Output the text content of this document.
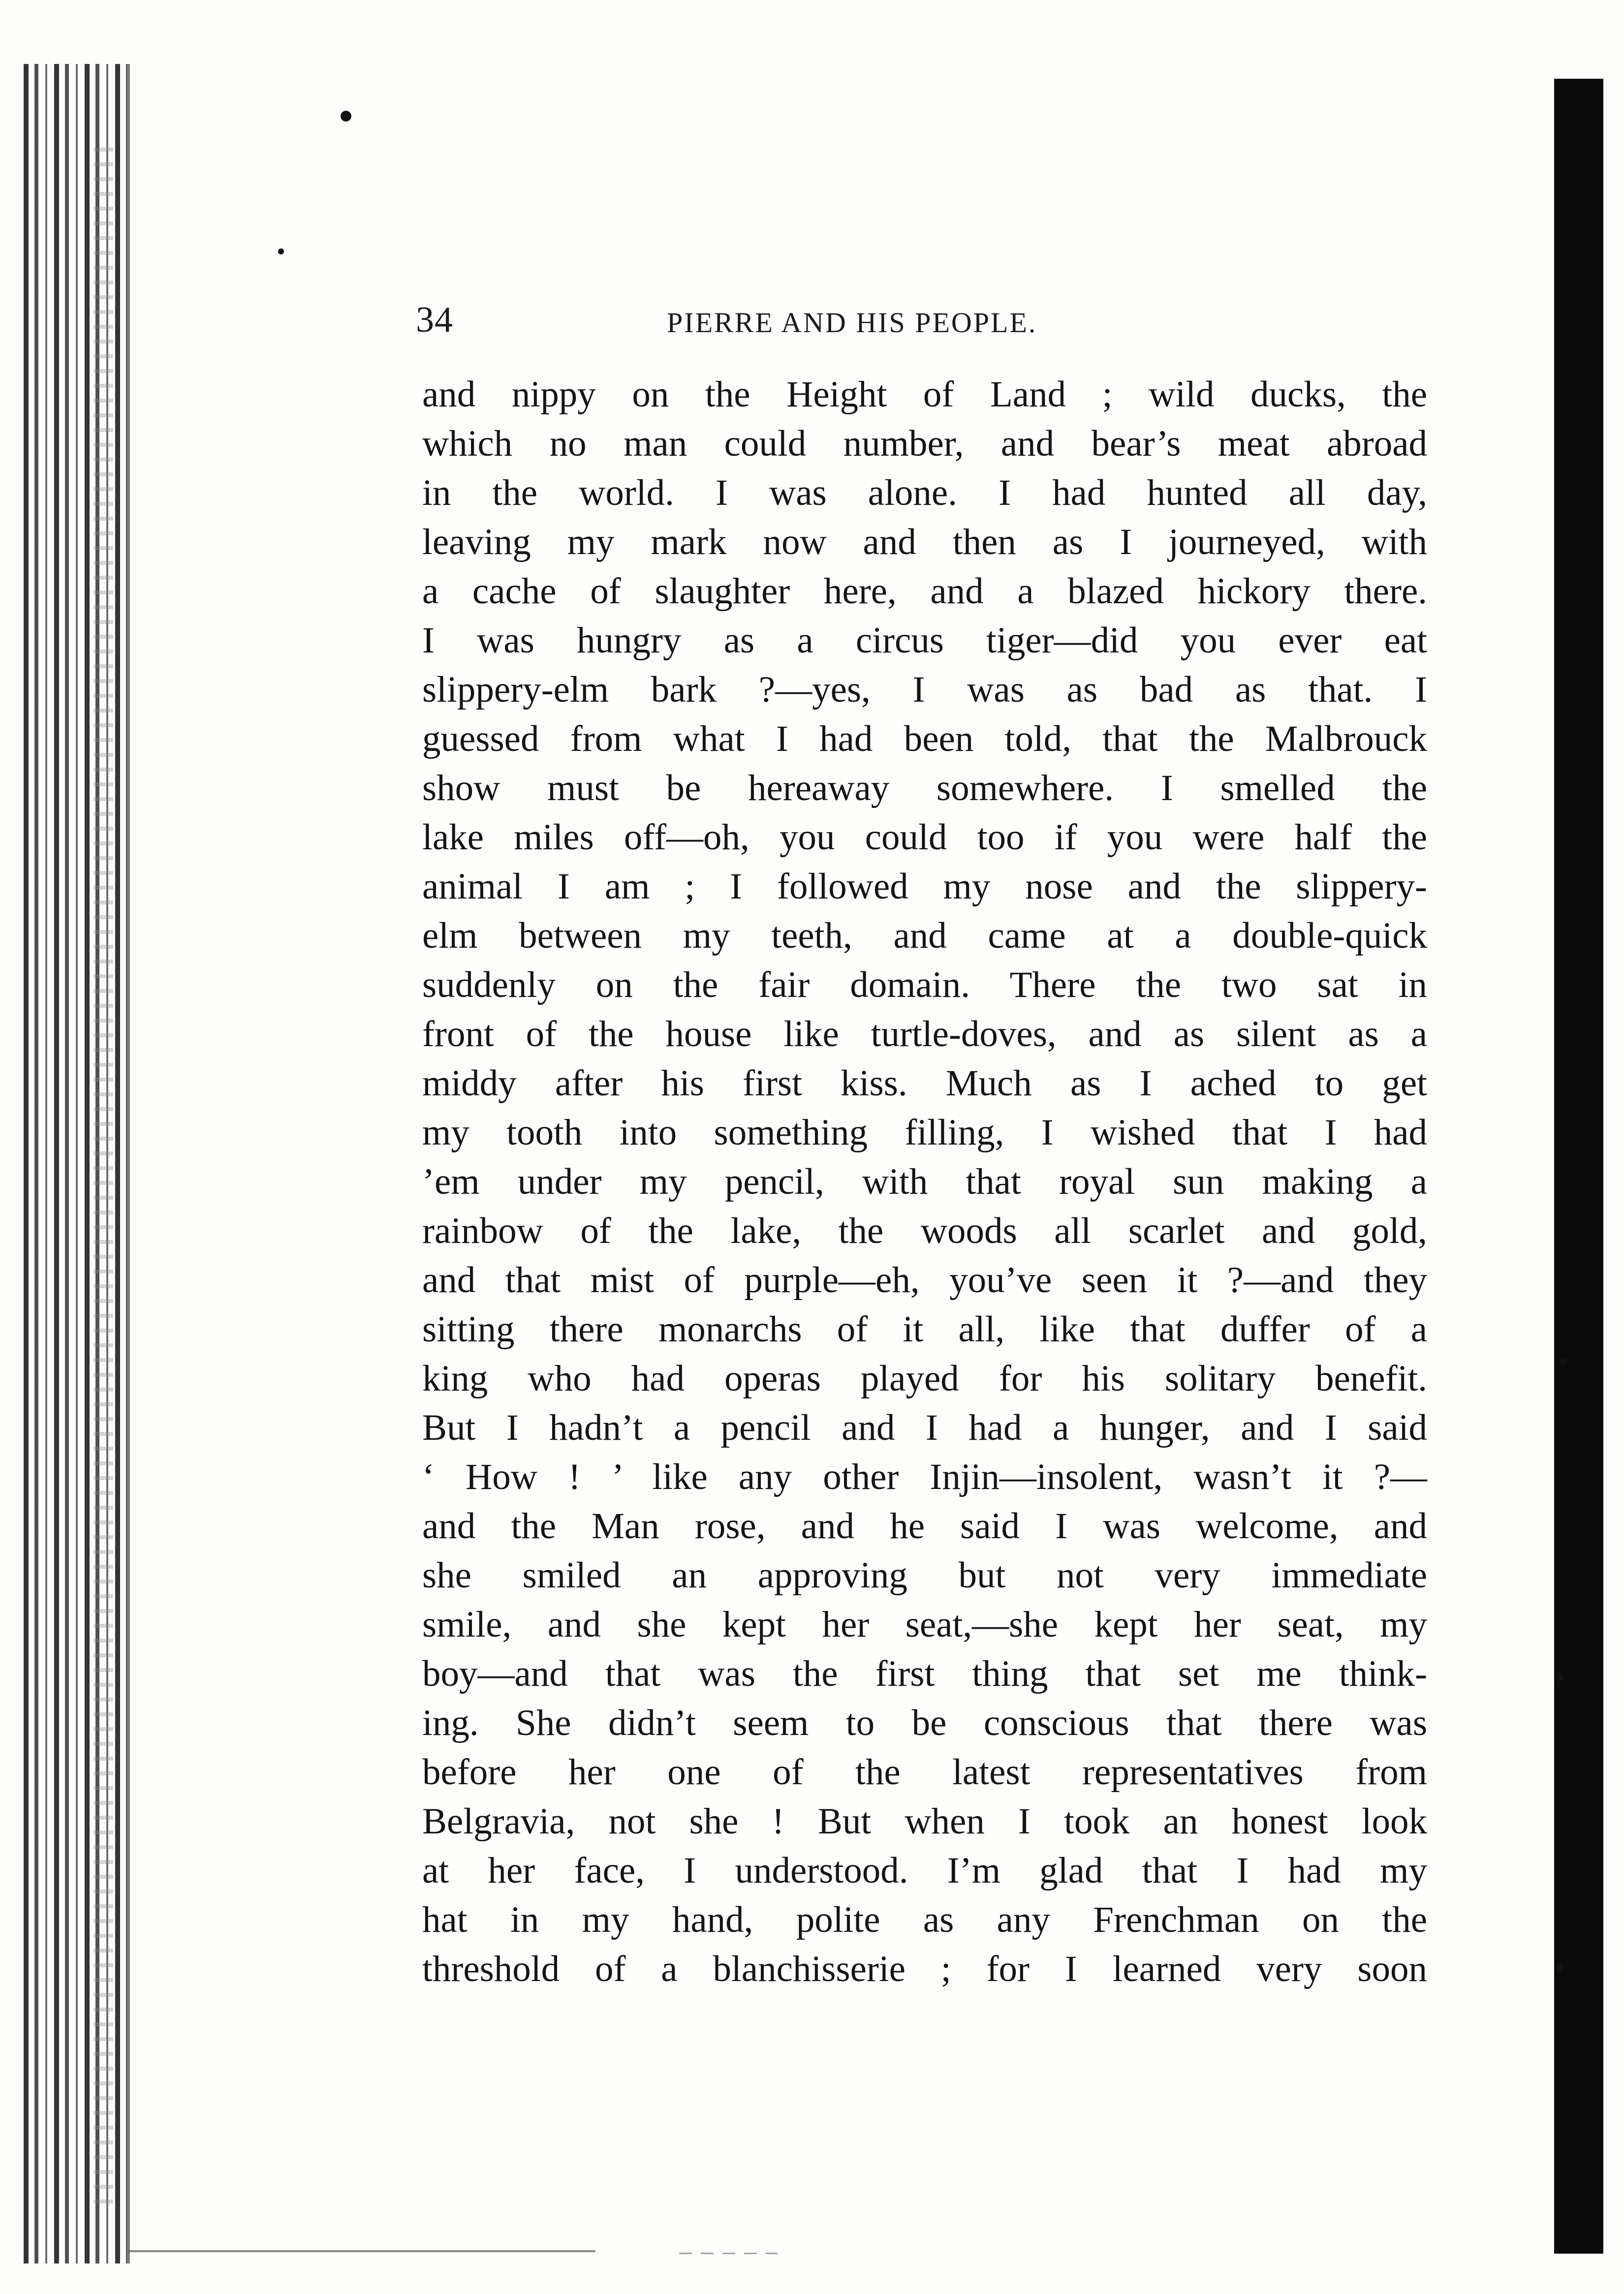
34	PIERRE AND HIS PEOPLE.
and nippy on the Height of Land ; wild ducks, the
which no man could number, and bear’s meat abroad
in the world. I was alone. I had hunted all day,
leaving my mark now and then as I journeyed, with
a cache of slaughter here, and a blazed hickory there.
I was hungry as a circus tiger—did you ever eat
slippery-elm bark ?—yes, I was as bad as that. I
guessed from what I had been told, that the Malbrouck
show must be hereaway somewhere. I smelled the
lake miles off—oh, you could too if you were half the
animal I am ; I followed my nose and the slippery-
elm between my teeth, and came at a double-quick
suddenly on the fair domain. There the two sat in
front of the house like turtle-doves, and as silent as a
middy after his first kiss. Much as I ached to get
my tooth into something filling, I wished that I had
’em under my pencil, with that royal sun making a
rainbow of the lake, the woods all scarlet and gold,
and that mist of purple—eh, you’ve seen it ?—and they
sitting there monarchs of it all, like that duffer of a
king who had operas played for his solitary benefit.
But I hadn’t a pencil and I had a hunger, and I said
‘ How ! ’ like any other Injin—insolent, wasn’t it ?—
and the Man rose, and he said I was welcome, and
she smiled an approving but not very immediate
smile, and she kept her seat,—she kept her seat, my
boy—and that was the first thing that set me think-
ing. She didn’t seem to be conscious that there was
before her one of the latest representatives from
Belgravia, not she ! But when I took an honest look
at her face, I understood. I’m glad that I had my
hat in my hand, polite as any Frenchman on the
threshold of a blanchisserie ; for I learned very soon
